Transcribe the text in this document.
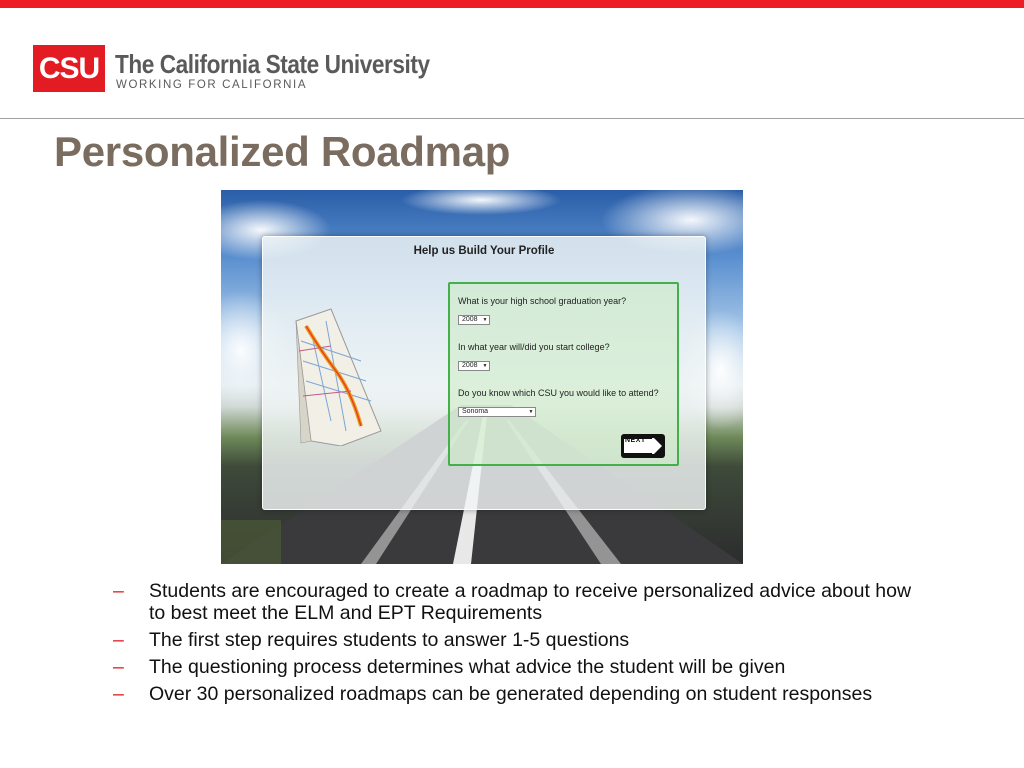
CSU The California State University
WORKING FOR CALIFORNIA
Personalized Roadmap
Help us Build Your Profile
What is your high school graduation year?
2008 ▼
In what year will/did you start college?
2008 ▼
Do you know which CSU you would like to attend?
Sonoma	▼
NEXT
– Students are encouraged to create a roadmap to receive personalized advice about how to best meet the ELM and EPT Requirements
– The first step requires students to answer 1-5 questions
– The questioning process determines what advice the student will be given
– Over 30 personalized roadmaps can be generated depending on student responses
